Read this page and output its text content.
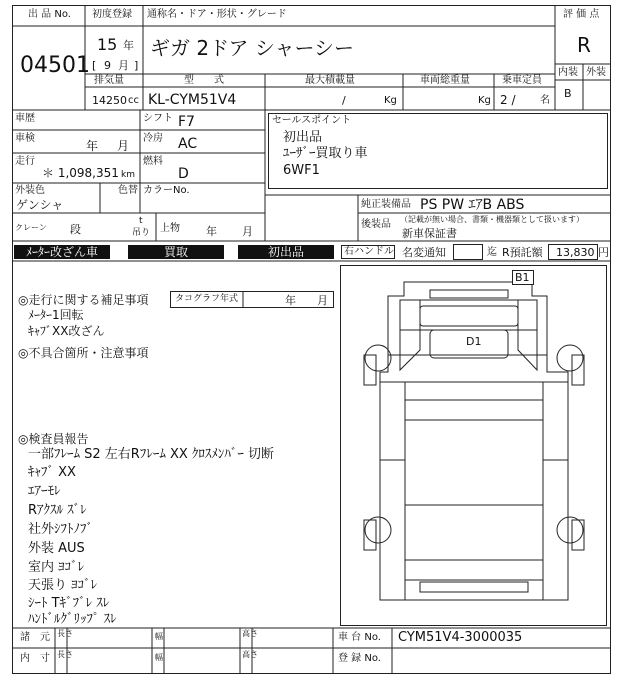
出 品 No.
04501
初度登録 通称名・ドア・形状・グレード	評 価 点
15 年
[ 9 月 ]
ギガ 2ドア シャーシー	R
内装 外装
B
排気量	型　　式	最大積載量	車両総重量	乗車定員
14250 cc KL-CYM51V4	/	Kg	Kg 2 / 名
車歴	シフト F7
車検
年 月
冷房 AC
走行
＊ 1,098,351 km
燃料
D
外装色	色替 カラーNo.
ゲンシャ
クレーン 段
t
吊り 上物 年 月
セールスポイント
初出品
ﾕｰｻﾞｰ買取り車
6WF1
純正装備品 PS PW ｴｱB ABS
後装品 （記載が無い場合、書類・機器類として扱います）
新車保証書
ﾒｰﾀｰ改ざん車	買取	初出品	右ハンドル 名変通知	迄 R預託額 13,830 円
◎走行に関する補足事項	タコグラフ年式	年 月
ﾒｰﾀｰ1回転
ｷｬﾌﾞXX改ざん
◎不具合箇所・注意事項
◎検査員報告
一部ﾌﾚｰﾑ S2 左右Rﾌﾚｰﾑ XX ｸﾛｽﾒﾝﾊﾞｰ 切断
ｷｬﾌﾞ XX
ｴｱｰﾓﾚ
Rｱｸｽﾙ ｽﾞﾚ
社外ｼﾌﾄﾉﾌﾞ
外装 AUS
室内 ﾖｺﾞﾚ
天張り ﾖｺﾞﾚ
ｼｰﾄ Tｷﾞﾌﾞﾚ ｽﾚ
ﾊﾝﾄﾞﾙｸﾞﾘｯﾌﾟ ｽﾚ
B1
D1
諸　元 長さ	幅	高さ
内　寸 長さ	幅	高さ
車 台 No. CYM51V4-3000035
登 録 No.
